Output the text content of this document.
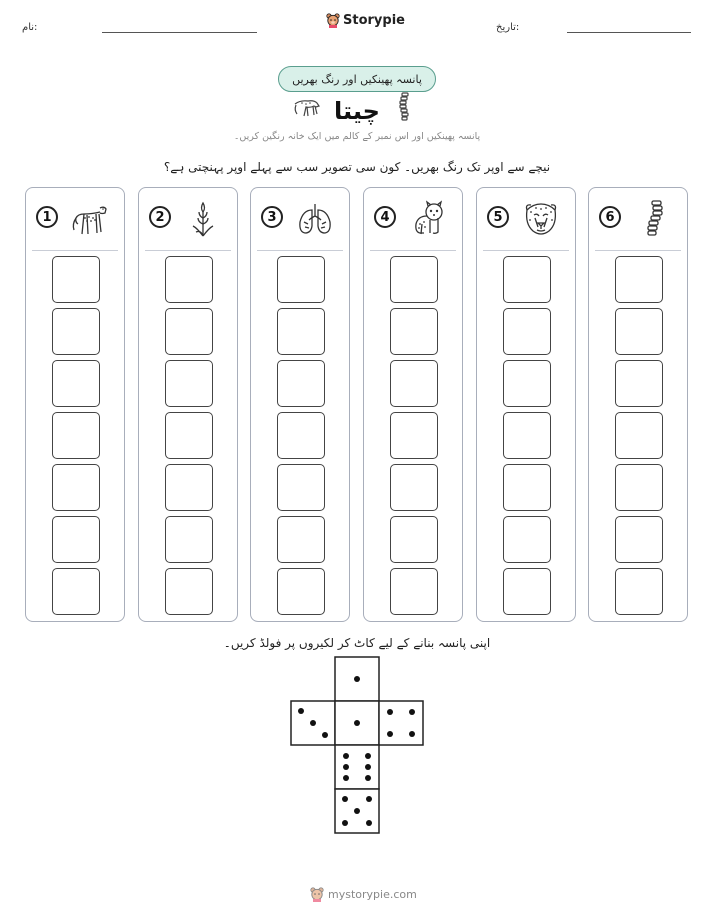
نام:	Storypie	تاریخ:
پانسہ پھینکیں اور رنگ بھریں
چیتا
پانسہ پھینکیں اور اس نمبر کے کالم میں ایک خانہ رنگین کریں۔
نیچے سے اوپر تک رنگ بھریں۔ کون سی تصویر سب سے پہلے اوپر پہنچتی ہے؟
1	2	3	4	5	6
اپنی پانسہ بنانے کے لیے کاٹ کر لکیروں پر فولڈ کریں۔
mystorypie.com
